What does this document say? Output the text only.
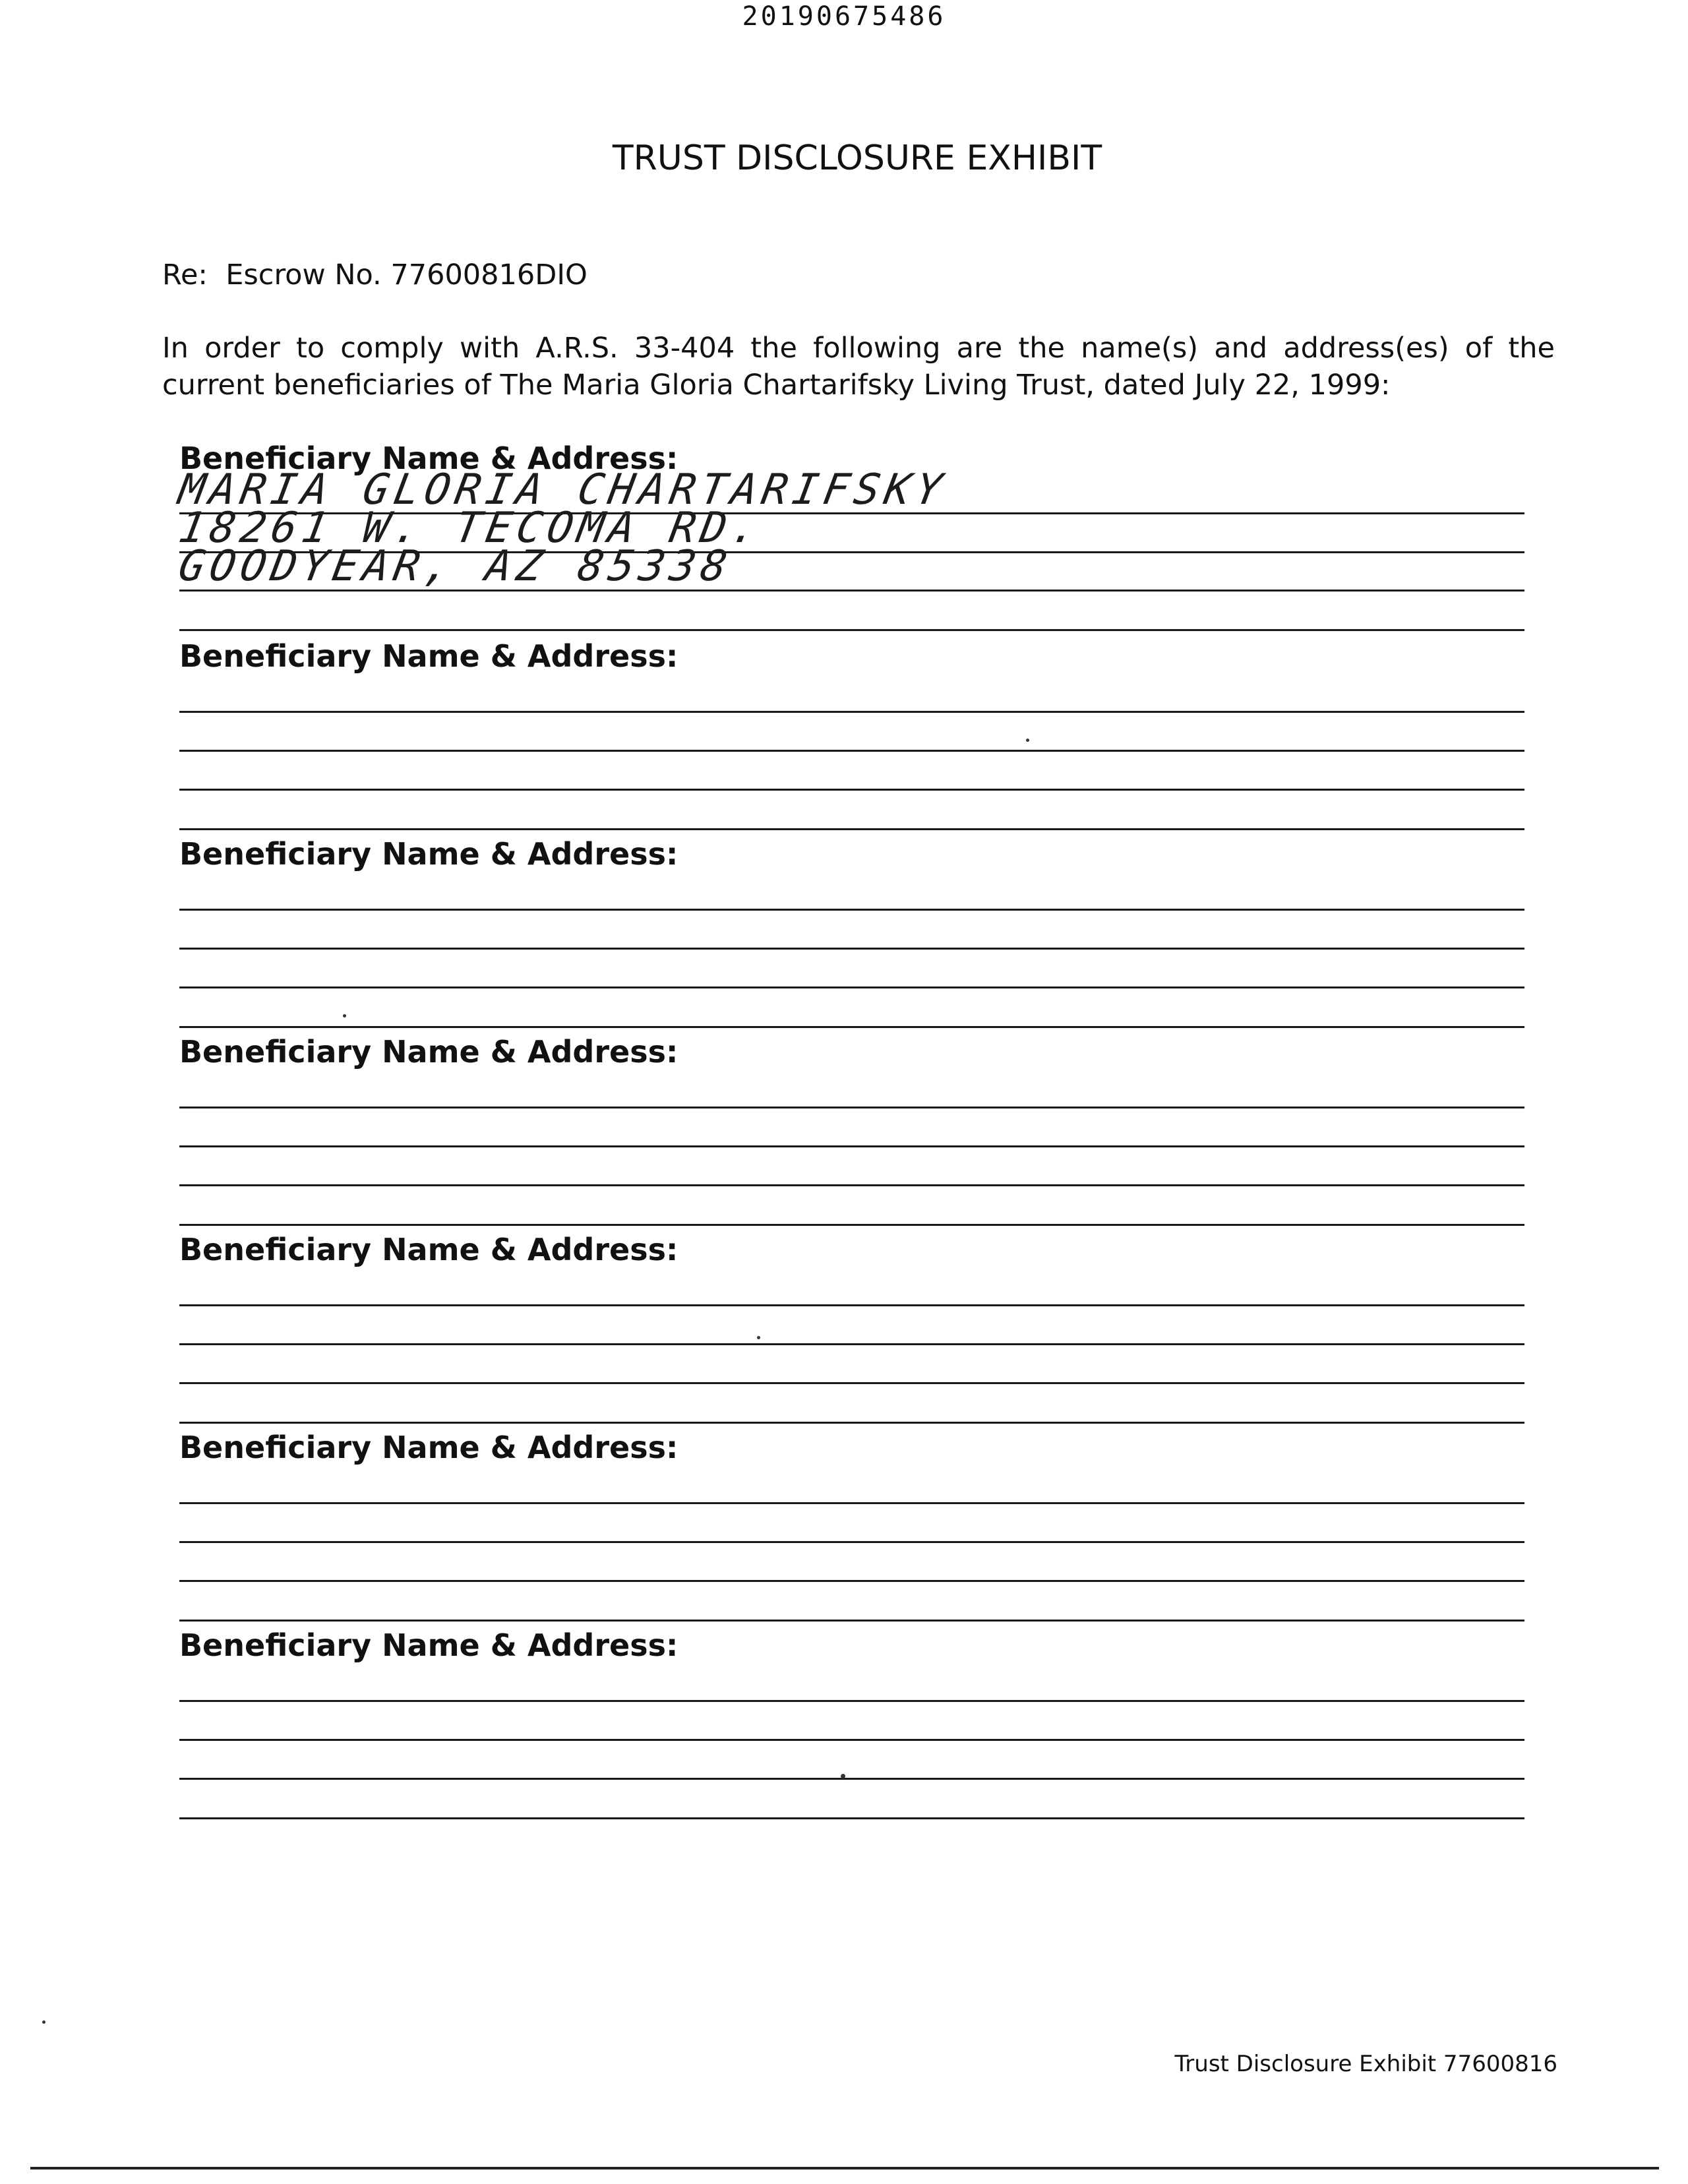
20190675486
TRUST DISCLOSURE EXHIBIT
Re:  Escrow No. 77600816DIO

In order to comply with A.R.S. 33-404 the following are the name(s) and address(es) of the current beneficiaries of The Maria Gloria Chartarifsky Living Trust, dated July 22, 1999:

Beneficiary Name & Address:
MARIA GLORIA CHARTARIFSKY
18261 W. TECOMA RD.
GOODYEAR, AZ 85338
Beneficiary Name & Address:
Beneficiary Name & Address:
Beneficiary Name & Address:
Beneficiary Name & Address:
Beneficiary Name & Address:
Beneficiary Name & Address:
Trust Disclosure Exhibit 77600816
